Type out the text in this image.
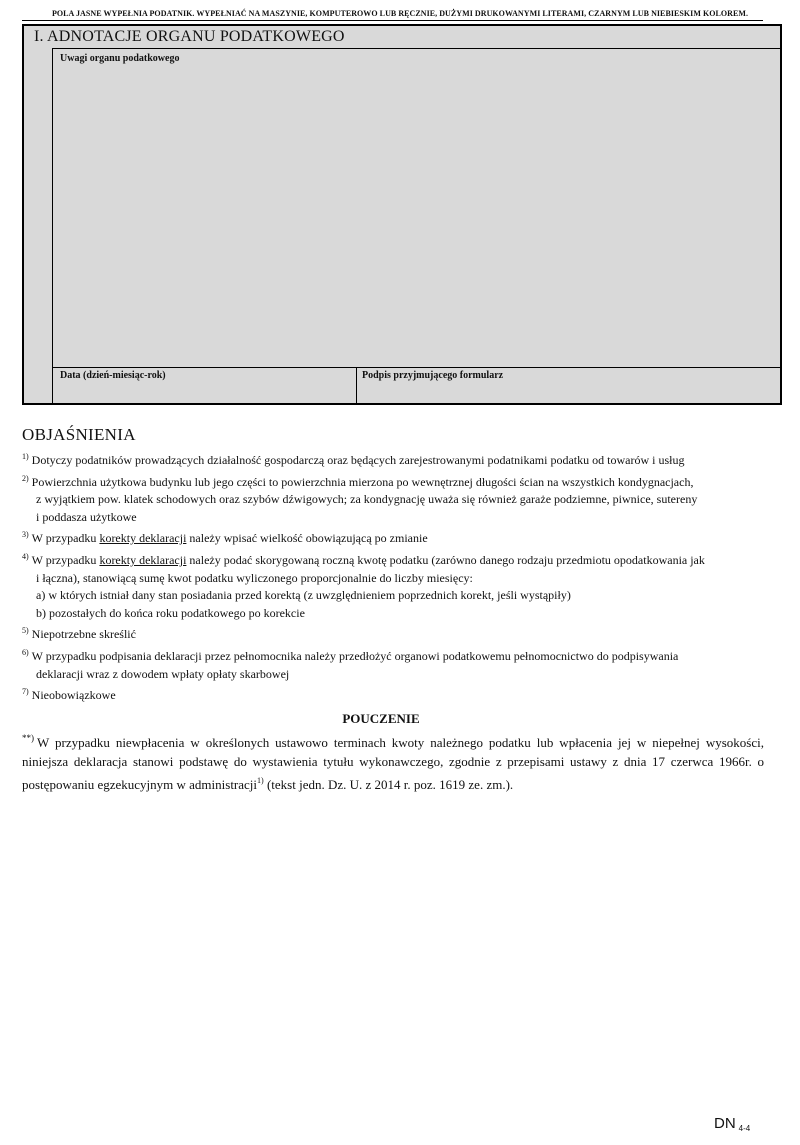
POLA JASNE WYPEŁNIA PODATNIK. WYPEŁNIAĆ NA MASZYNIE, KOMPUTEROWO LUB RĘCZNIE, DUŻYMI DRUKOWANYMI LITERAMI, CZARNYM LUB NIEBIESKIM KOLOREM.
I. ADNOTACJE ORGANU PODATKOWEGO
Uwagi organu podatkowego
Data (dzień-miesiąc-rok)	Podpis przyjmującego formularz
OBJAŚNIENIA

$^{1)}$ Dotyczy podatników prowadzących działalność gospodarczą oraz będących zarejestrowanymi podatnikami podatku od towarów i usług

$^{2)}$ Powierzchnia użytkowa budynku lub jego części to powierzchnia mierzona po wewnętrznej długości ścian na wszystkich kondygnacjach,

z wyjątkiem pow. klatek schodowych oraz szybów dźwigowych; za kondygnację uważa się również garaże podziemne, piwnice, sutereny

i poddasza użytkowe

$^{3)}$ W przypadku korekty deklaracji należy wpisać wielkość obowiązującą po zmianie

$^{4)}$ W przypadku korekty deklaracji należy podać skorygowaną roczną kwotę podatku (zarówno danego rodzaju przedmiotu opodatkowania jak

i łączna), stanowiącą sumę kwot podatku wyliczonego proporcjonalnie do liczby miesięcy:

a) w których istniał dany stan posiadania przed korektą (z uwzględnieniem poprzednich korekt, jeśli wystąpiły)

b) pozostałych do końca roku podatkowego po korekcie

$^{5)}$ Niepotrzebne skreślić

$^{6)}$ W przypadku podpisania deklaracji przez pełnomocnika należy przedłożyć organowi podatkowemu pełnomocnictwo do podpisywania

deklaracji wraz z dowodem wpłaty opłaty skarbowej

$^{7)}$ Nieobowiązkowe

POUCZENIE
**) W przypadku niewpłacenia w określonych ustawowo terminach kwoty należnego podatku lub wpłacenia jej w niepełnej wysokości, niniejsza deklaracja stanowi podstawę do wystawienia tytułu wykonawczego, zgodnie z przepisami ustawy z dnia 17 czerwca 1966r. o postępowaniu egzekucyjnym w administracji$^{1)}$ (tekst jedn. Dz. U. z 2014 r. poz. 1619 ze. zm.).
DN $_{4-4}$
